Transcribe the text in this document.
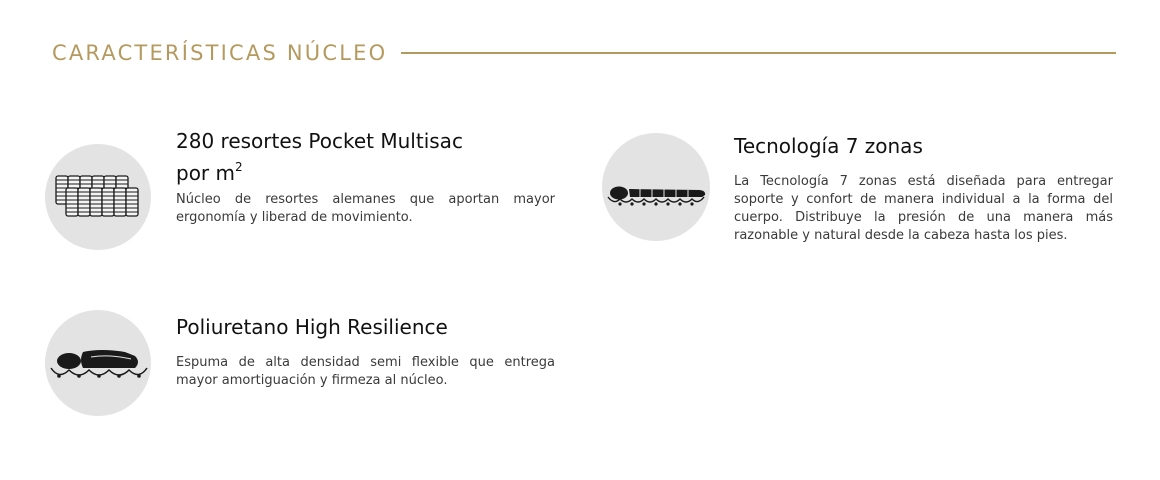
CARACTERÍSTICAS NÚCLEO
280 resortes Pocket Multisac
por $m^2$
Núcleo de resortes alemanes que aportan mayor ergonomía y liberad de movimiento.
Tecnología 7 zonas
La Tecnología 7 zonas está diseñada para entregar soporte y confort de manera individual a la forma del cuerpo. Distribuye la presión de una manera más razonable y natural desde la cabeza hasta los pies.
Poliuretano High Resilience
Espuma de alta densidad semi flexible que entrega mayor amortiguación y firmeza al núcleo.
